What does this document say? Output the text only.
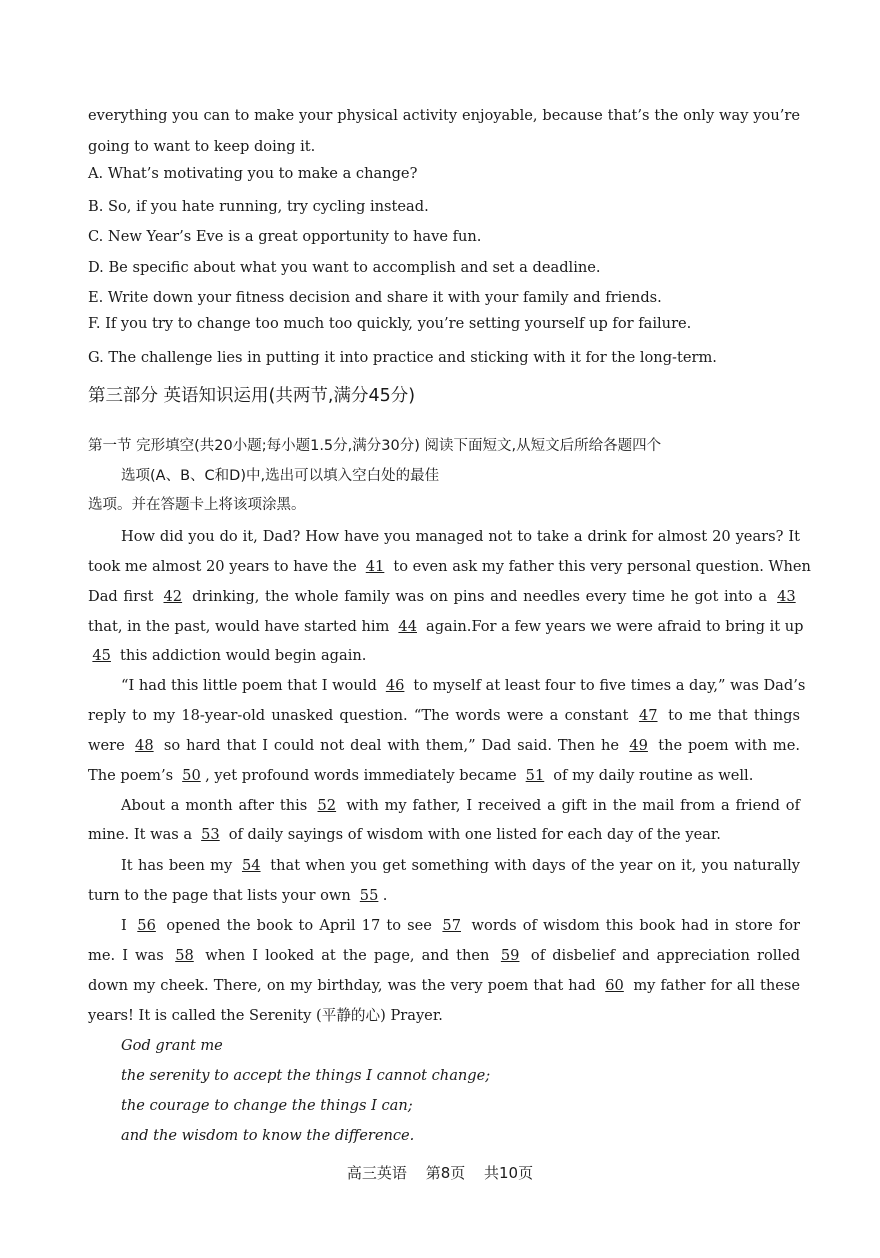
everything you can to make your physical activity enjoyable, because that’s the only way you’re
going to want to keep doing it.
A. What’s motivating you to make a change?
B. So, if you hate running, try cycling instead.
C. New Year’s Eve is a great opportunity to have fun.
D. Be specific about what you want to accomplish and set a deadline.
E. Write down your fitness decision and share it with your family and friends.
F. If you try to change too much too quickly, you’re setting yourself up for failure.
G. The challenge lies in putting it into practice and sticking with it for the long-term.
第三部分 英语知识运用(共两节,满分45分)
第一节 完形填空(共20小题;每小题1.5分,满分30分) 阅读下面短文,从短文后所给各题四个
选项(A、B、C和D)中,选出可以填入空白处的最佳
选项。并在答题卡上将该项涂黑。
How did you do it, Dad? How have you managed not to take a drink for almost 20 years? It
took me almost 20 years to have the 41 to even ask my father this very personal question. When
Dad first 42 drinking, the whole family was on pins and needles every time he got into a 43
that, in the past, would have started him 44 again.For a few years we were afraid to bring it up
45 this addiction would begin again.
“I had this little poem that I would 46 to myself at least four to five times a day,” was Dad’s
reply to my 18-year-old unasked question. “The words were a constant 47 to me that things
were 48 so hard that I could not deal with them,” Dad said. Then he 49 the poem with me.
The poem’s 50 , yet profound words immediately became 51 of my daily routine as well.
About a month after this 52 with my father, I received a gift in the mail from a friend of
mine. It was a 53 of daily sayings of wisdom with one listed for each day of the year.
It has been my 54 that when you get something with days of the year on it, you naturally
turn to the page that lists your own 55 .
I 56 opened the book to April 17 to see 57 words of wisdom this book had in store for
me. I was 58 when I looked at the page, and then 59 of disbelief and appreciation rolled
down my cheek. There, on my birthday, was the very poem that had 60 my father for all these
years! It is called the Serenity (平静的心) Prayer.
God grant me
the serenity to accept the things I cannot change;
the courage to change the things I can;
and the wisdom to know the difference.
高三英语 第8页 共10页
